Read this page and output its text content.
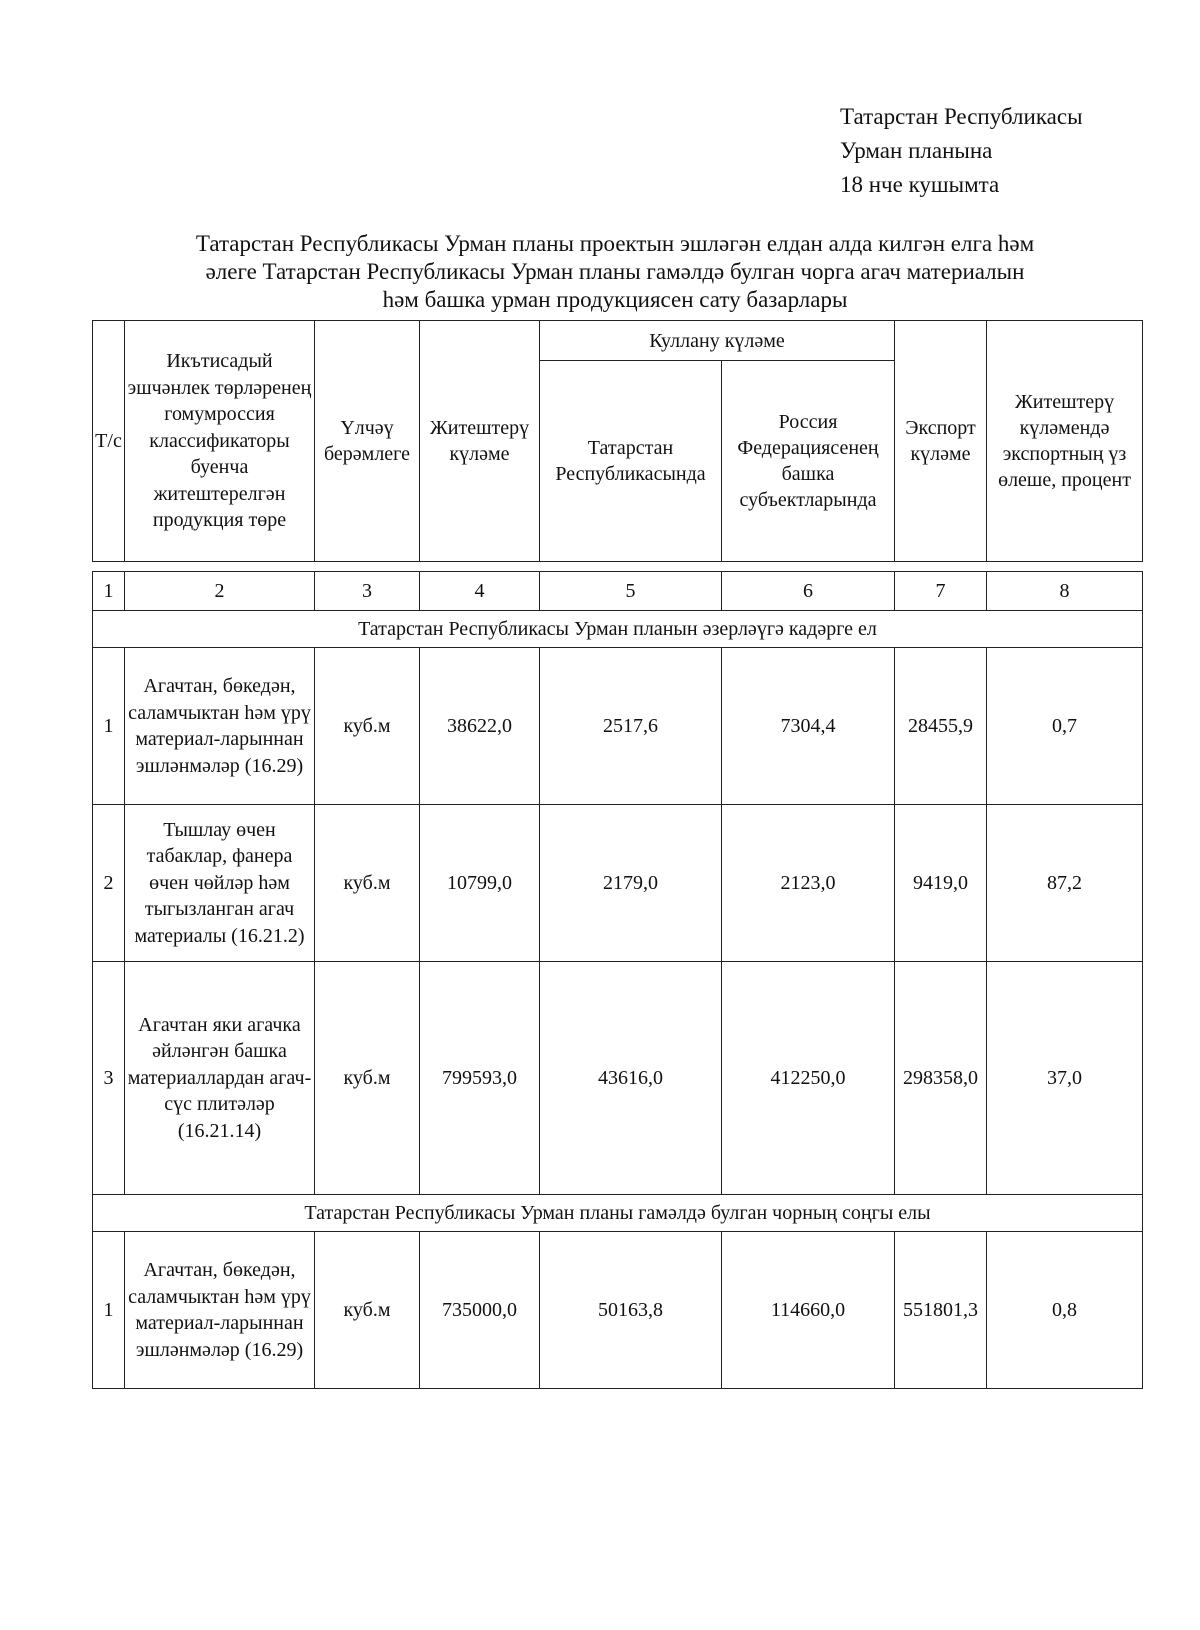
Татарстан Республикасы
Урман планына
18 нче кушымта
Татарстан Республикасы Урман планы проектын эшләгән елдан алда килгән елга һәм
әлеге Татарстан Республикасы Урман планы гамәлдә булган чорга агач материалын
һәм башка урман продукциясен сату базарлары
Т/с	Икътисадый эшчәнлек төрләренең гомумроссия классификаторы буенча житештерелгән продукция төре	Үлчәү берәмлеге	Житештерү күләме	Куллану күләме		Экспорт күләме	Житештерү күләмендә экспортның үз өлеше, процент
				Татарстан Республикасында	Россия Федерациясенең башка субъектларында		
1	2	3	4	5	6	7	8
Татарстан Республикасы Урман планын әзерләүгә кадәрге ел							
1	Агачтан, бөкедән, саламчыктан һәм үрү материал-ларыннан эшләнмәләр (16.29)	куб.м	38622,0	2517,6	7304,4	28455,9	0,7
2	Тышлау өчен табаклар, фанера өчен чөйләр һәм тыгызланган агач материалы (16.21.2)	куб.м	10799,0	2179,0	2123,0	9419,0	87,2
3	Агачтан яки агачка әйләнгән башка материаллардан агач-сүс плитәләр (16.21.14)	куб.м	799593,0	43616,0	412250,0	298358,0	37,0
Татарстан Республикасы Урман планы гамәлдә булган чорның соңгы елы							
1	Агачтан, бөкедән, саламчыктан һәм үрү материал-ларыннан эшләнмәләр (16.29)	куб.м	735000,0	50163,8	114660,0	551801,3	0,8
